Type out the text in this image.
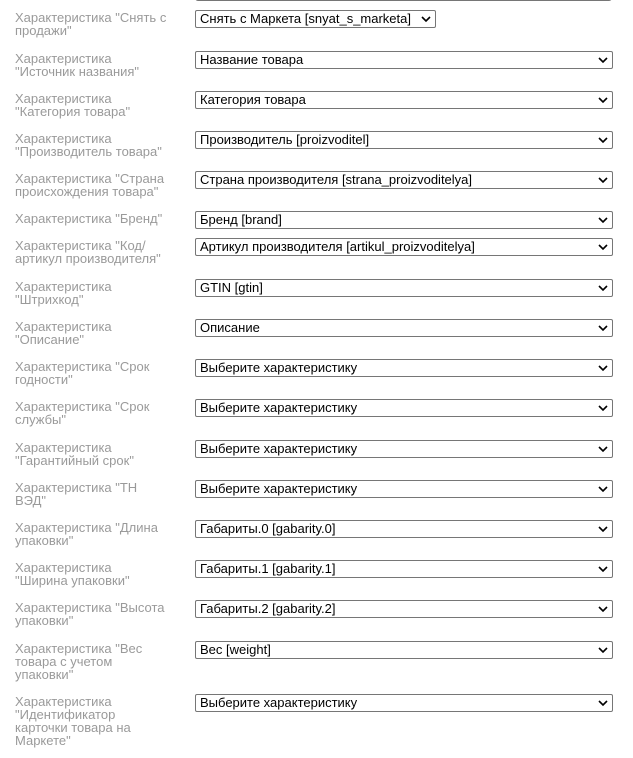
Характеристика "Снять с
продажи"

Снять с Маркета [snyat_s_marketa]

Характеристика
"Источник названия"

Название товара

Характеристика
"Категория товара"

Категория товара

Характеристика
"Производитель товара"

Производитель [proizvoditel]

Характеристика "Страна
происхождения товара"

Страна производителя [strana_proizvoditelya]

Характеристика "Бренд"	Бренд [brand]

Характеристика "Код/
артикул производителя"

Артикул производителя [artikul_proizvoditelya]

Характеристика
"Штрихкод"

GTIN [gtin]

Характеристика
"Описание"

Описание

Характеристика "Срок
годности"

Выберите характеристику

Характеристика "Срок
службы"

Выберите характеристику

Характеристика
"Гарантийный срок"

Выберите характеристику

Характеристика "ТН
ВЭД"

Выберите характеристику

Характеристика "Длина
упаковки"

Габариты.0 [gabarity.0]

Характеристика
"Ширина упаковки"

Габариты.1 [gabarity.1]

Характеристика "Высота
упаковки"

Габариты.2 [gabarity.2]

Характеристика "Вес
товара с учетом
упаковки"

Вес [weight]

Характеристика
"Идентификатор
карточки товара на
Маркете"

Выберите характеристику
